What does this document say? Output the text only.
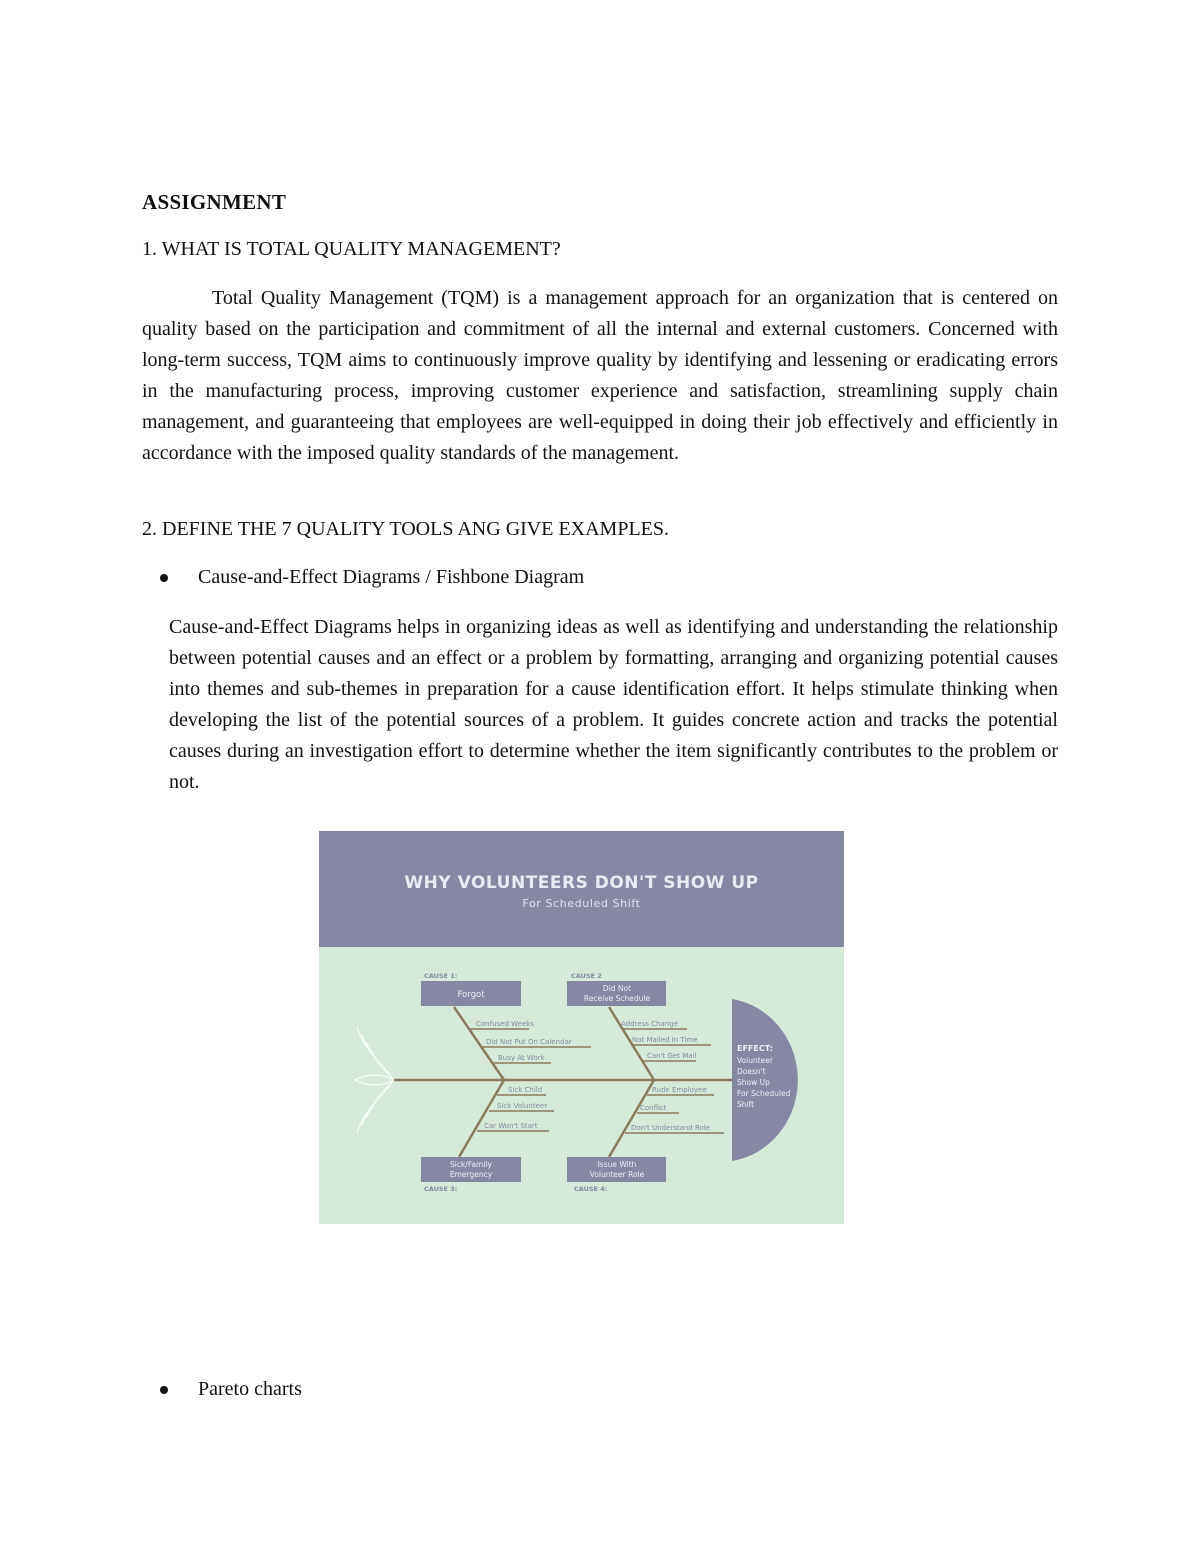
ASSIGNMENT
1. WHAT IS TOTAL QUALITY MANAGEMENT?

Total Quality Management (TQM) is a management approach for an organization that is centered on quality based on the participation and commitment of all the internal and external customers. Concerned with long-term success, TQM aims to continuously improve quality by identifying and lessening or eradicating errors in the manufacturing process, improving customer experience and satisfaction, streamlining supply chain management, and guaranteeing that employees are well-equipped in doing their job effectively and efficiently in accordance with the imposed quality standards of the management.

2. DEFINE THE 7 QUALITY TOOLS ANG GIVE EXAMPLES.
Cause-and-Effect Diagrams / Fishbone Diagram

Cause-and-Effect Diagrams helps in organizing ideas as well as identifying and understanding the relationship between potential causes and an effect or a problem by formatting, arranging and organizing potential causes into themes and sub-themes in preparation for a cause identification effort. It helps stimulate thinking when developing the list of the potential sources of a problem. It guides concrete action and tracks the potential causes during an investigation effort to determine whether the item significantly contributes to the problem or not.

WHY VOLUNTEERS DON'T SHOW UP
For Scheduled Shift
CAUSE 1:
Forgot
CAUSE 2
Did Not
Receive Schedule
Sick/Family
Emergency
CAUSE 3:
Issue With
Volunteer Role
CAUSE 4:
Confused Weeks
Did Not Put On Calendar
Busy At Work
Address Change
Not Mailed In Time
Can't Get Mail
Sick Child
Sick Volunteer
Car Won't Start
Rude Employee
Conflict
Don't Understand Role
EFFECT:
Volunteer
Doesn't
Show Up
For Scheduled
Shift
Pareto charts
